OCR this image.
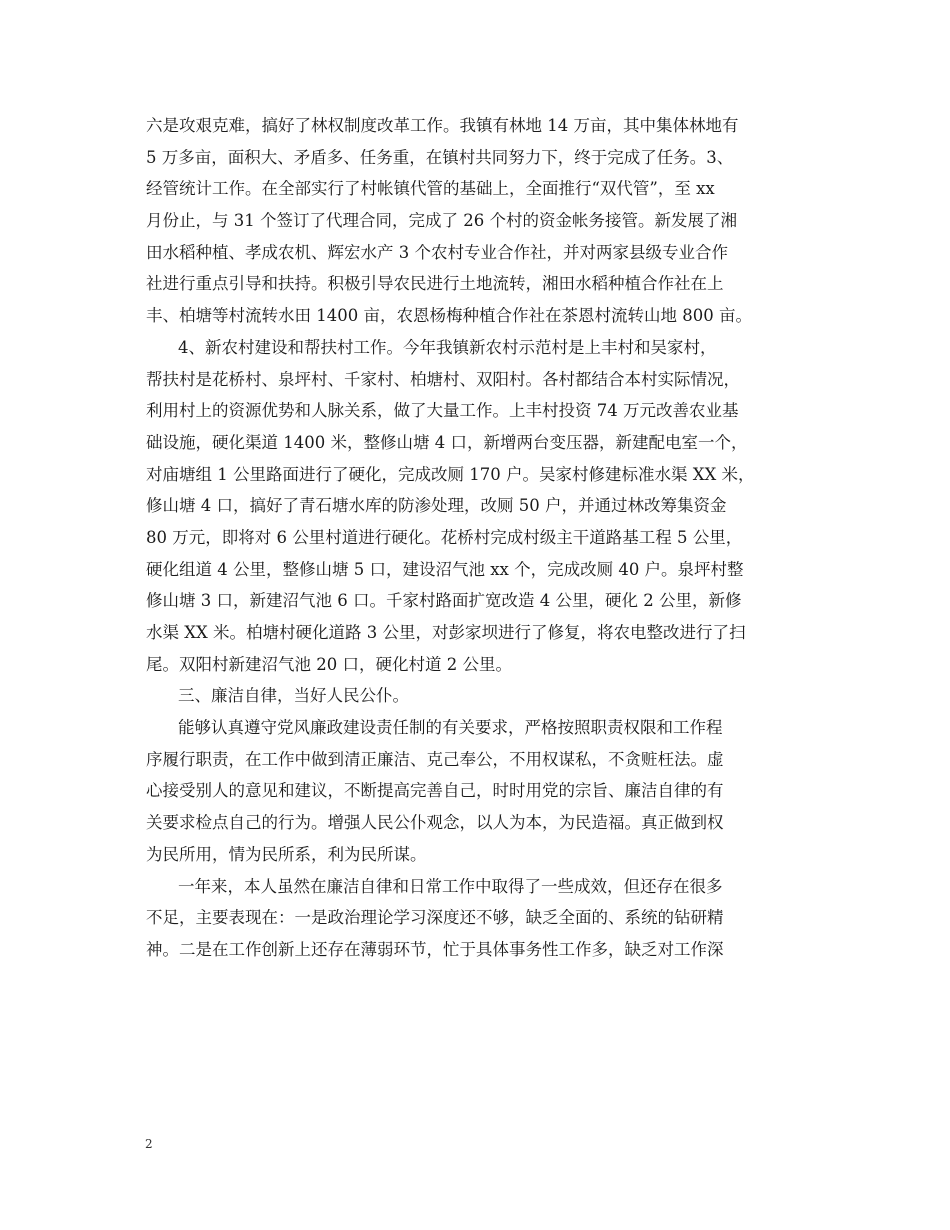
六是攻艰克难，搞好了林权制度改革工作。我镇有林地 14 万亩，其中集体林地有
5 万多亩，面积大、矛盾多、任务重，在镇村共同努力下，终于完成了任务。3、
经管统计工作。在全部实行了村帐镇代管的基础上，全面推行“双代管”，至 xx
月份止，与 31 个签订了代理合同，完成了 26 个村的资金帐务接管。新发展了湘
田水稻种植、孝成农机、辉宏水产 3 个农村专业合作社，并对两家县级专业合作
社进行重点引导和扶持。积极引导农民进行土地流转，湘田水稻种植合作社在上
丰、柏塘等村流转水田 1400 亩，农恩杨梅种植合作社在茶恩村流转山地 800 亩。
4、新农村建设和帮扶村工作。今年我镇新农村示范村是上丰村和吴家村，
帮扶村是花桥村、泉坪村、千家村、柏塘村、双阳村。各村都结合本村实际情况，
利用村上的资源优势和人脉关系，做了大量工作。上丰村投资 74 万元改善农业基
础设施，硬化渠道 1400 米，整修山塘 4 口，新增两台变压器，新建配电室一个，
对庙塘组 1 公里路面进行了硬化，完成改厕 170 户。吴家村修建标准水渠 XX 米，
修山塘 4 口，搞好了青石塘水库的防渗处理，改厕 50 户，并通过林改筹集资金
80 万元，即将对 6 公里村道进行硬化。花桥村完成村级主干道路基工程 5 公里，
硬化组道 4 公里，整修山塘 5 口，建设沼气池 xx 个，完成改厕 40 户。泉坪村整
修山塘 3 口，新建沼气池 6 口。千家村路面扩宽改造 4 公里，硬化 2 公里，新修
水渠 XX 米。柏塘村硬化道路 3 公里，对彭家坝进行了修复，将农电整改进行了扫
尾。双阳村新建沼气池 20 口，硬化村道 2 公里。
三、廉洁自律，当好人民公仆。
能够认真遵守党风廉政建设责任制的有关要求，严格按照职责权限和工作程
序履行职责，在工作中做到清正廉洁、克己奉公，不用权谋私，不贪赃枉法。虚
心接受别人的意见和建议，不断提高完善自己，时时用党的宗旨、廉洁自律的有
关要求检点自己的行为。增强人民公仆观念，以人为本，为民造福。真正做到权
为民所用，情为民所系，利为民所谋。
一年来，本人虽然在廉洁自律和日常工作中取得了一些成效，但还存在很多
不足，主要表现在：一是政治理论学习深度还不够，缺乏全面的、系统的钻研精
神。二是在工作创新上还存在薄弱环节，忙于具体事务性工作多，缺乏对工作深
2
